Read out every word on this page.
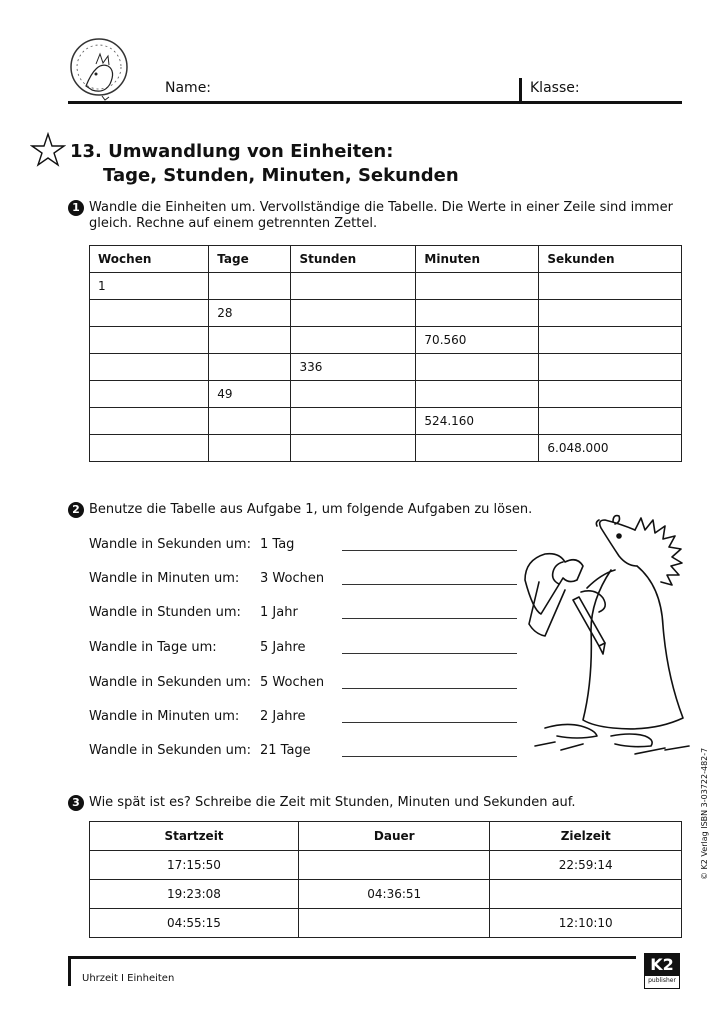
Name:	Klasse:
13. Umwandlung von Einheiten:
Tage, Stunden, Minuten, Sekunden
1 Wandle die Einheiten um. Vervollständige die Tabelle. Die Werte in einer Zeile sind immer gleich. Rechne auf einem getrennten Zettel.
Wochen	Tage	Stunden	Minuten	Sekunden
1				
	28			
			70.560	
		336		
	49			
			524.160	
				6.048.000
2 Benutze die Tabelle aus Aufgabe 1, um folgende Aufgaben zu lösen.
Wandle in Sekunden um: 1 Tag
Wandle in Minuten um: 3 Wochen
Wandle in Stunden um: 1 Jahr
Wandle in Tage um:	5 Jahre
Wandle in Sekunden um: 5 Wochen
Wandle in Minuten um: 2 Jahre
Wandle in Sekunden um: 21 Tage
3 Wie spät ist es? Schreibe die Zeit mit Stunden, Minuten und Sekunden auf.
Startzeit	Dauer	Zielzeit
17:15:50		22:59:14
19:23:08	04:36:51	
04:55:15		12:10:10
Uhrzeit I Einheiten
K2
publisher
© K2 Verlag ISBN 3-03722-482-7
